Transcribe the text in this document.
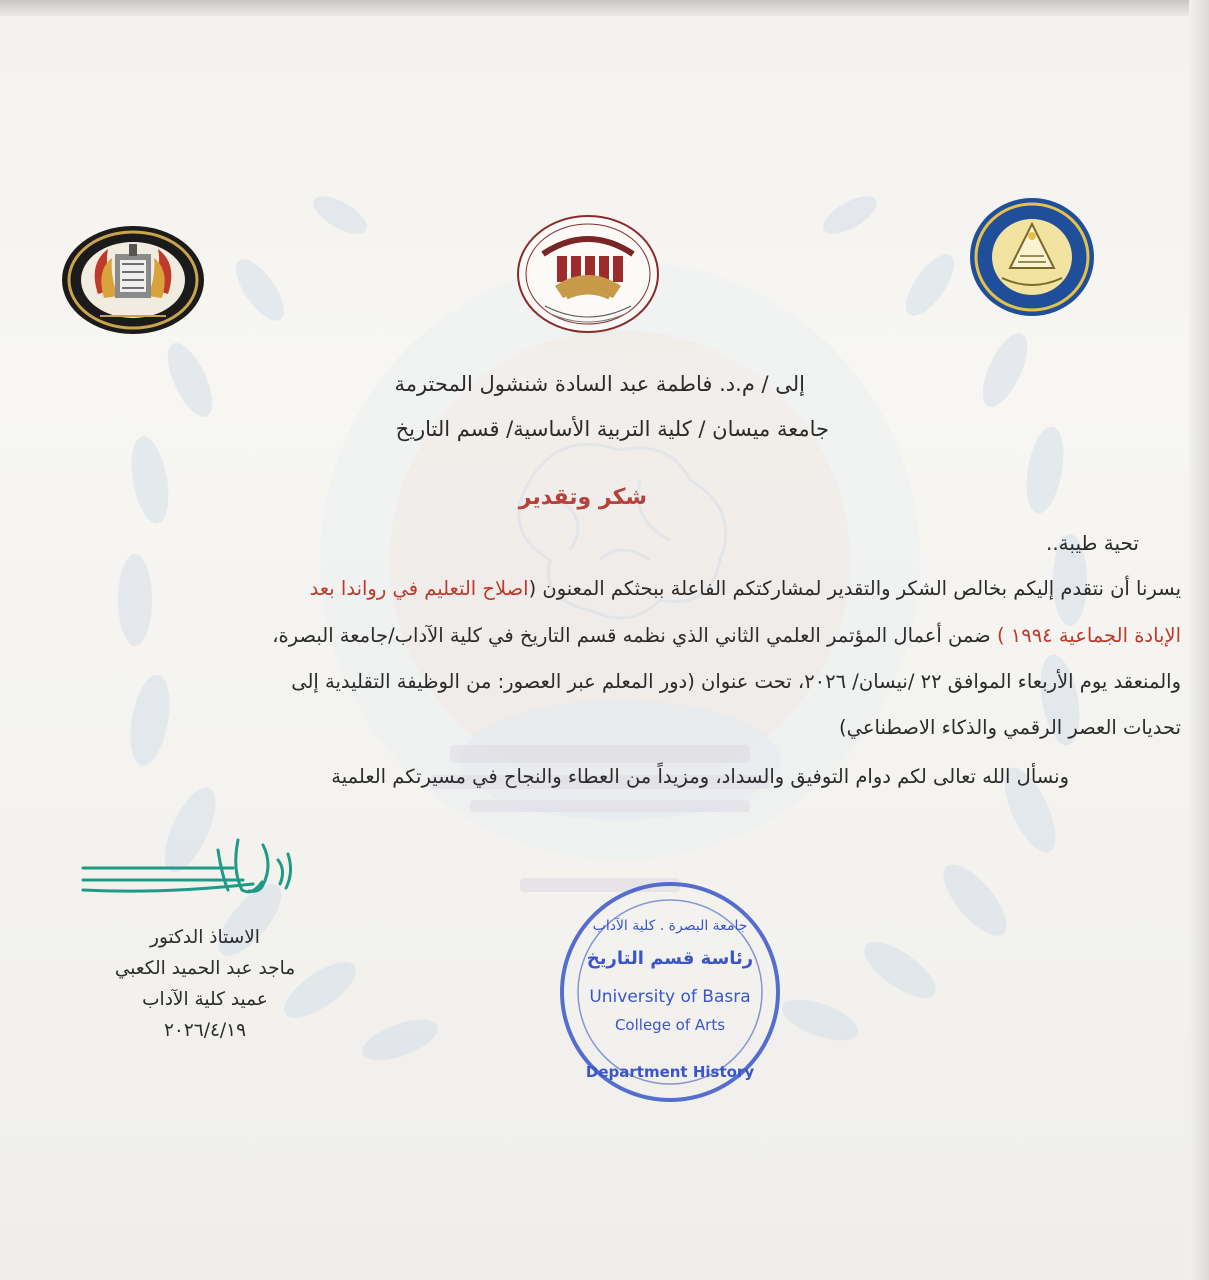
إلى / م.د. فاطمة عبد السادة شنشول المحترمة
جامعة ميسان / كلية التربية الأساسية/ قسم التاريخ
شكر وتقدير
تحية طيبة..
يسرنا أن نتقدم إليكم بخالص الشكر والتقدير لمشاركتكم الفاعلة ببحثكم المعنون (اصلاح التعليم في رواندا بعد
الإبادة الجماعية ١٩٩٤ ) ضمن أعمال المؤتمر العلمي الثاني الذي نظمه قسم التاريخ في كلية الآداب/جامعة البصرة،
والمنعقد يوم الأربعاء الموافق ٢٢ /نيسان/ ٢٠٢٦، تحت عنوان (دور المعلم عبر العصور: من الوظيفة التقليدية إلى
تحديات العصر الرقمي والذكاء الاصطناعي)
ونسأل الله تعالى لكم دوام التوفيق والسداد، ومزيداً من العطاء والنجاح في مسيرتكم العلمية
الاستاذ الدكتور
ماجد عبد الحميد الكعبي
عميد كلية الآداب
٢٠٢٦/٤/١٩
رئاسة قسم التاريخ
جامعة البصرة . كلية الآداب
University of Basra
College of Arts
Department History
